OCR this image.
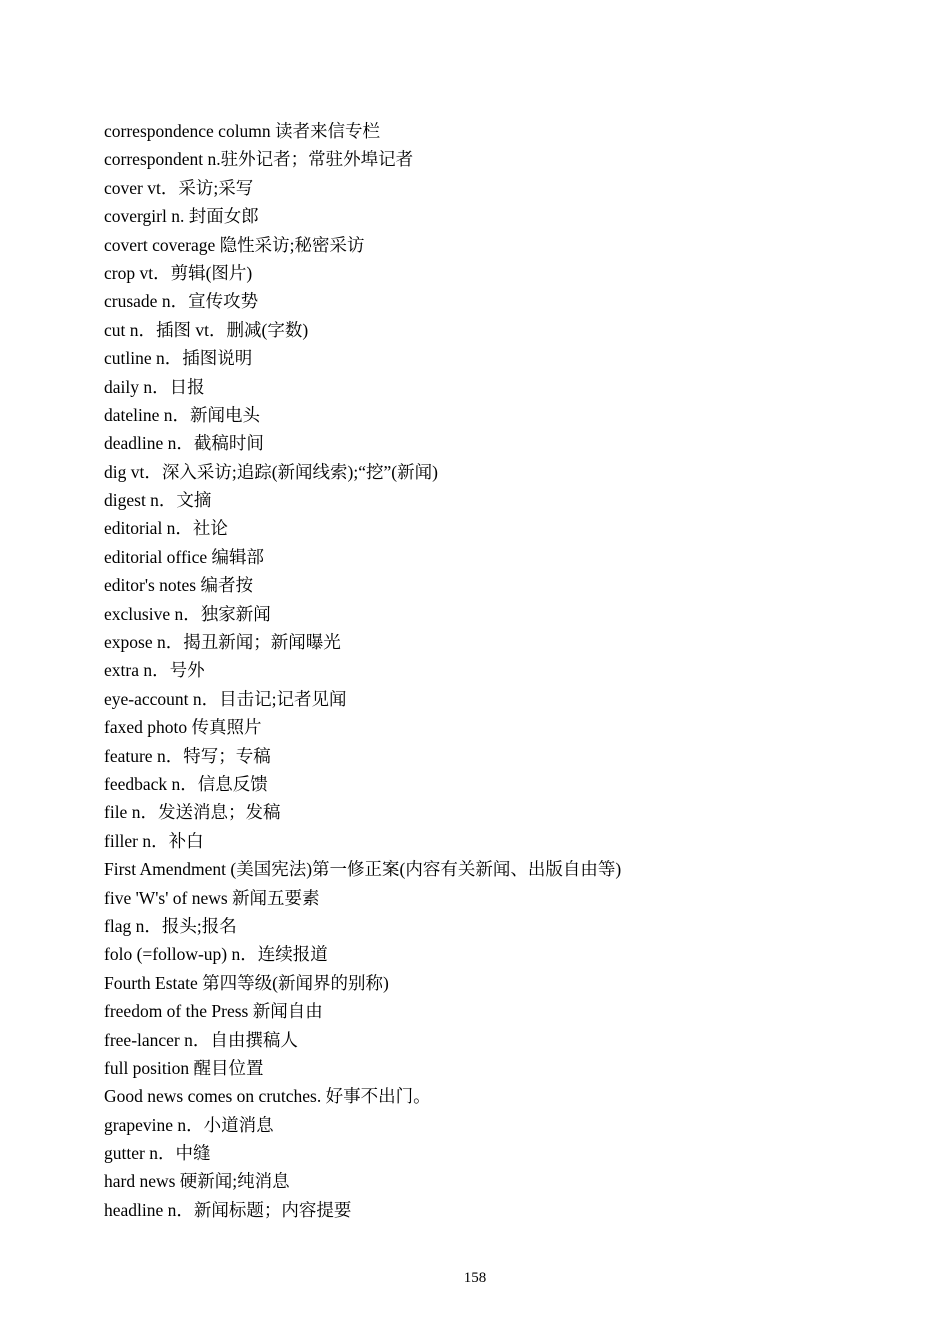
correspondence column 读者来信专栏
correspondent n.驻外记者；常驻外埠记者
cover vt．采访;采写
covergirl n. 封面女郎
covert coverage 隐性采访;秘密采访
crop vt．剪辑(图片)
crusade n．宣传攻势
cut n．插图 vt．删减(字数)
cutline n．插图说明
daily n．日报
dateline n．新闻电头
deadline n．截稿时间
dig vt．深入采访;追踪(新闻线索);“挖”(新闻)
digest n．文摘
editorial n．社论
editorial office 编辑部
editor's notes 编者按
exclusive n．独家新闻
expose n．揭丑新闻；新闻曝光
extra n．号外
eye-account n．目击记;记者见闻
faxed photo 传真照片
feature n．特写；专稿
feedback n．信息反馈
file n．发送消息；发稿
filler n．补白
First Amendment (美国宪法)第一修正案(内容有关新闻、出版自由等)
five 'W's' of news 新闻五要素
flag n．报头;报名
folo (=follow-up) n．连续报道
Fourth Estate 第四等级(新闻界的别称)
freedom of the Press 新闻自由
free-lancer n．自由撰稿人
full position 醒目位置
Good news comes on crutches. 好事不出门。
grapevine n．小道消息
gutter n．中缝
hard news 硬新闻;纯消息
headline n．新闻标题；内容提要
158
